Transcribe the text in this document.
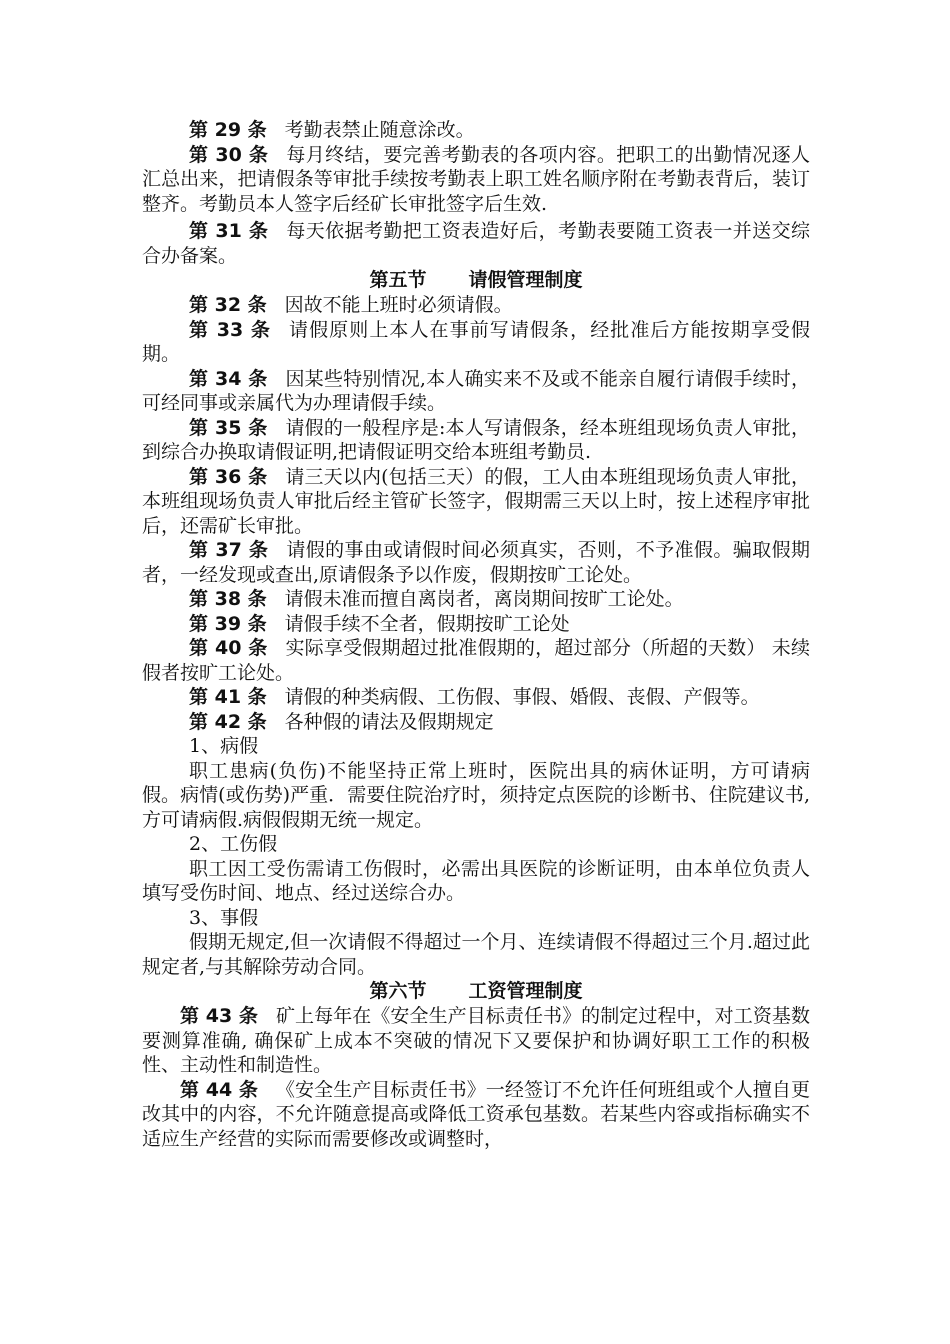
第 29 条 考勤表禁止随意涂改。

第 30 条 每月终结，要完善考勤表的各项内容。把职工的出勤情况逐人汇总出来，把请假条等审批手续按考勤表上职工姓名顺序附在考勤表背后，装订整齐。考勤员本人签字后经矿长审批签字后生效.

第 31 条 每天依据考勤把工资表造好后，考勤表要随工资表一并送交综合办备案。

第五节 请假管理制度

第 32 条 因故不能上班时必须请假。

第 33 条 请假原则上本人在事前写请假条，经批准后方能按期享受假期。

第 34 条 因某些特别情况,本人确实来不及或不能亲自履行请假手续时，可经同事或亲属代为办理请假手续。

第 35 条 请假的一般程序是:本人写请假条，经本班组现场负责人审批，到综合办换取请假证明,把请假证明交给本班组考勤员.

第 36 条 请三天以内(包括三天）的假，工人由本班组现场负责人审批，本班组现场负责人审批后经主管矿长签字，假期需三天以上时，按上述程序审批后，还需矿长审批。

第 37 条 请假的事由或请假时间必须真实，否则，不予准假。骗取假期者，一经发现或查出,原请假条予以作废，假期按旷工论处。

第 38 条 请假未准而擅自离岗者，离岗期间按旷工论处。

第 39 条 请假手续不全者，假期按旷工论处

第 40 条 实际享受假期超过批准假期的，超过部分（所超的天数） 未续假者按旷工论处。

第 41 条 请假的种类病假、工伤假、事假、婚假、丧假、产假等。

第 42 条 各种假的请法及假期规定

1、病假

职工患病(负伤)不能坚持正常上班时，医院出具的病休证明，方可请病假。病情(或伤势)严重．需要住院治疗时，须持定点医院的诊断书、住院建议书,方可请病假.病假假期无统一规定。

2、工伤假

职工因工受伤需请工伤假时，必需出具医院的诊断证明，由本单位负责人填写受伤时间、地点、经过送综合办。

3、事假

假期无规定,但一次请假不得超过一个月、连续请假不得超过三个月.超过此规定者,与其解除劳动合同。

第六节 工资管理制度

第 43 条 矿上每年在《安全生产目标责任书》的制定过程中，对工资基数要测算准确, 确保矿上成本不突破的情况下又要保护和协调好职工工作的积极性、主动性和制造性。

第 44 条 《安全生产目标责任书》一经签订不允许任何班组或个人擅自更改其中的内容，不允许随意提高或降低工资承包基数。若某些内容或指标确实不适应生产经营的实际而需要修改或调整时，
